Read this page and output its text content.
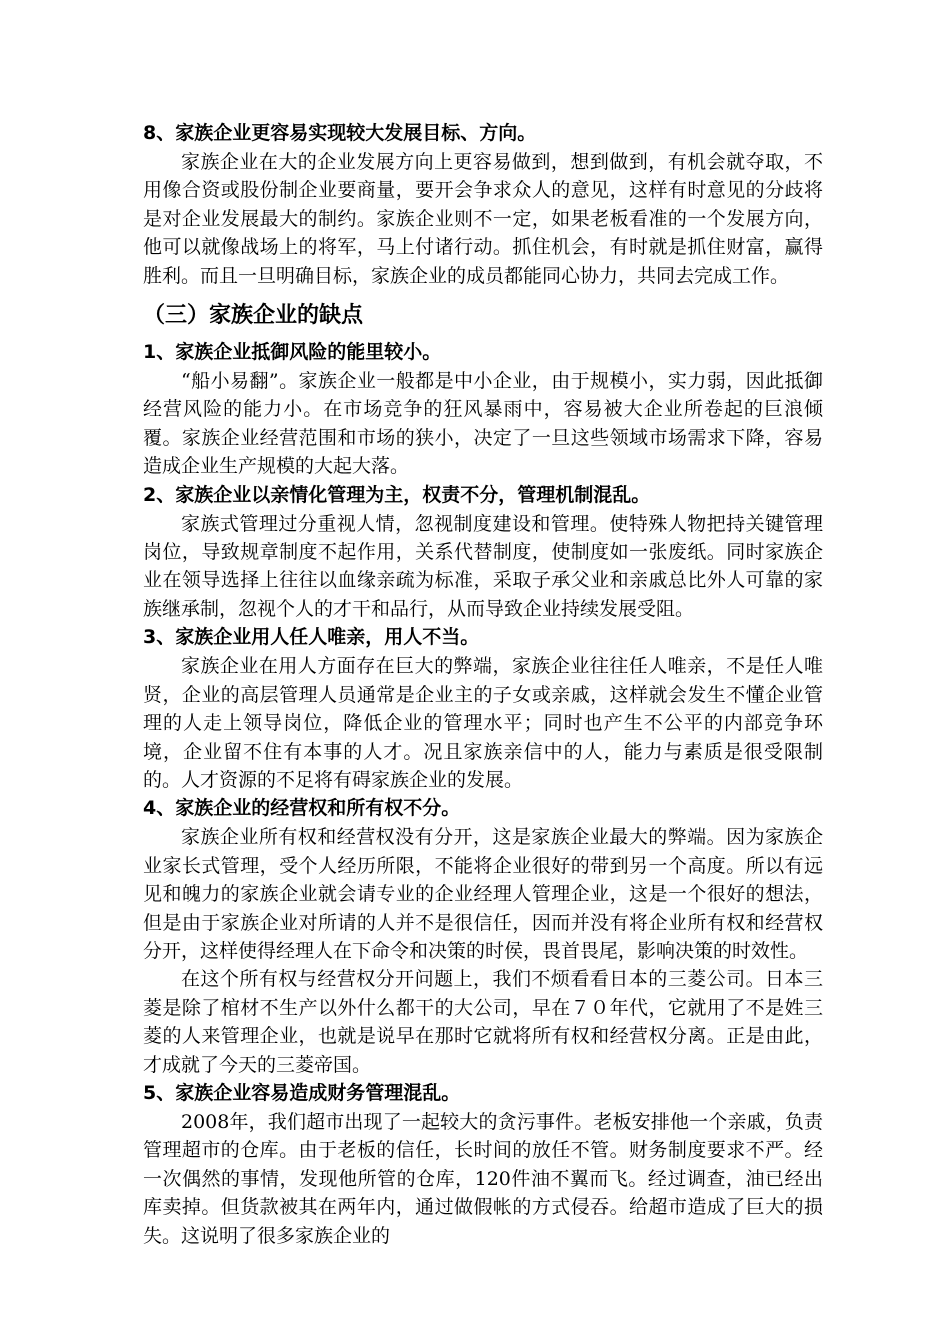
8、家族企业更容易实现较大发展目标、方向。

家族企业在大的企业发展方向上更容易做到，想到做到，有机会就夺取，不用像合资或股份制企业要商量，要开会争求众人的意见，这样有时意见的分歧将是对企业发展最大的制约。家族企业则不一定，如果老板看准的一个发展方向，他可以就像战场上的将军，马上付诸行动。抓住机会，有时就是抓住财富，赢得胜利。而且一旦明确目标，家族企业的成员都能同心协力，共同去完成工作。

（三）家族企业的缺点

1、家族企业抵御风险的能里较小。

“船小易翻”。家族企业一般都是中小企业，由于规模小，实力弱，因此抵御经营风险的能力小。在市场竞争的狂风暴雨中，容易被大企业所卷起的巨浪倾覆。家族企业经营范围和市场的狭小，决定了一旦这些领域市场需求下降，容易造成企业生产规模的大起大落。

2、家族企业以亲情化管理为主，权责不分，管理机制混乱。

家族式管理过分重视人情，忽视制度建设和管理。使特殊人物把持关键管理岗位，导致规章制度不起作用，关系代替制度，使制度如一张废纸。同时家族企业在领导选择上往往以血缘亲疏为标准，采取子承父业和亲戚总比外人可靠的家族继承制，忽视个人的才干和品行，从而导致企业持续发展受阻。

3、家族企业用人任人唯亲，用人不当。

家族企业在用人方面存在巨大的弊端，家族企业往往任人唯亲，不是任人唯贤，企业的高层管理人员通常是企业主的子女或亲戚，这样就会发生不懂企业管理的人走上领导岗位，降低企业的管理水平；同时也产生不公平的内部竞争环境，企业留不住有本事的人才。况且家族亲信中的人，能力与素质是很受限制的。人才资源的不足将有碍家族企业的发展。

4、家族企业的经营权和所有权不分。

家族企业所有权和经营权没有分开，这是家族企业最大的弊端。因为家族企业家长式管理，受个人经历所限，不能将企业很好的带到另一个高度。所以有远见和魄力的家族企业就会请专业的企业经理人管理企业，这是一个很好的想法，但是由于家族企业对所请的人并不是很信任，因而并没有将企业所有权和经营权分开，这样使得经理人在下命令和决策的时侯，畏首畏尾，影响决策的时效性。

在这个所有权与经营权分开问题上，我们不烦看看日本的三菱公司。日本三菱是除了棺材不生产以外什么都干的大公司，早在７０年代，它就用了不是姓三菱的人来管理企业，也就是说早在那时它就将所有权和经营权分离。正是由此，才成就了今天的三菱帝国。

5、家族企业容易造成财务管理混乱。

2008年，我们超市出现了一起较大的贪污事件。老板安排他一个亲戚，负责管理超市的仓库。由于老板的信任，长时间的放任不管。财务制度要求不严。经一次偶然的事情，发现他所管的仓库，120件油不翼而飞。经过调查，油已经出库卖掉。但货款被其在两年内，通过做假帐的方式侵吞。给超市造成了巨大的损失。这说明了很多家族企业的
